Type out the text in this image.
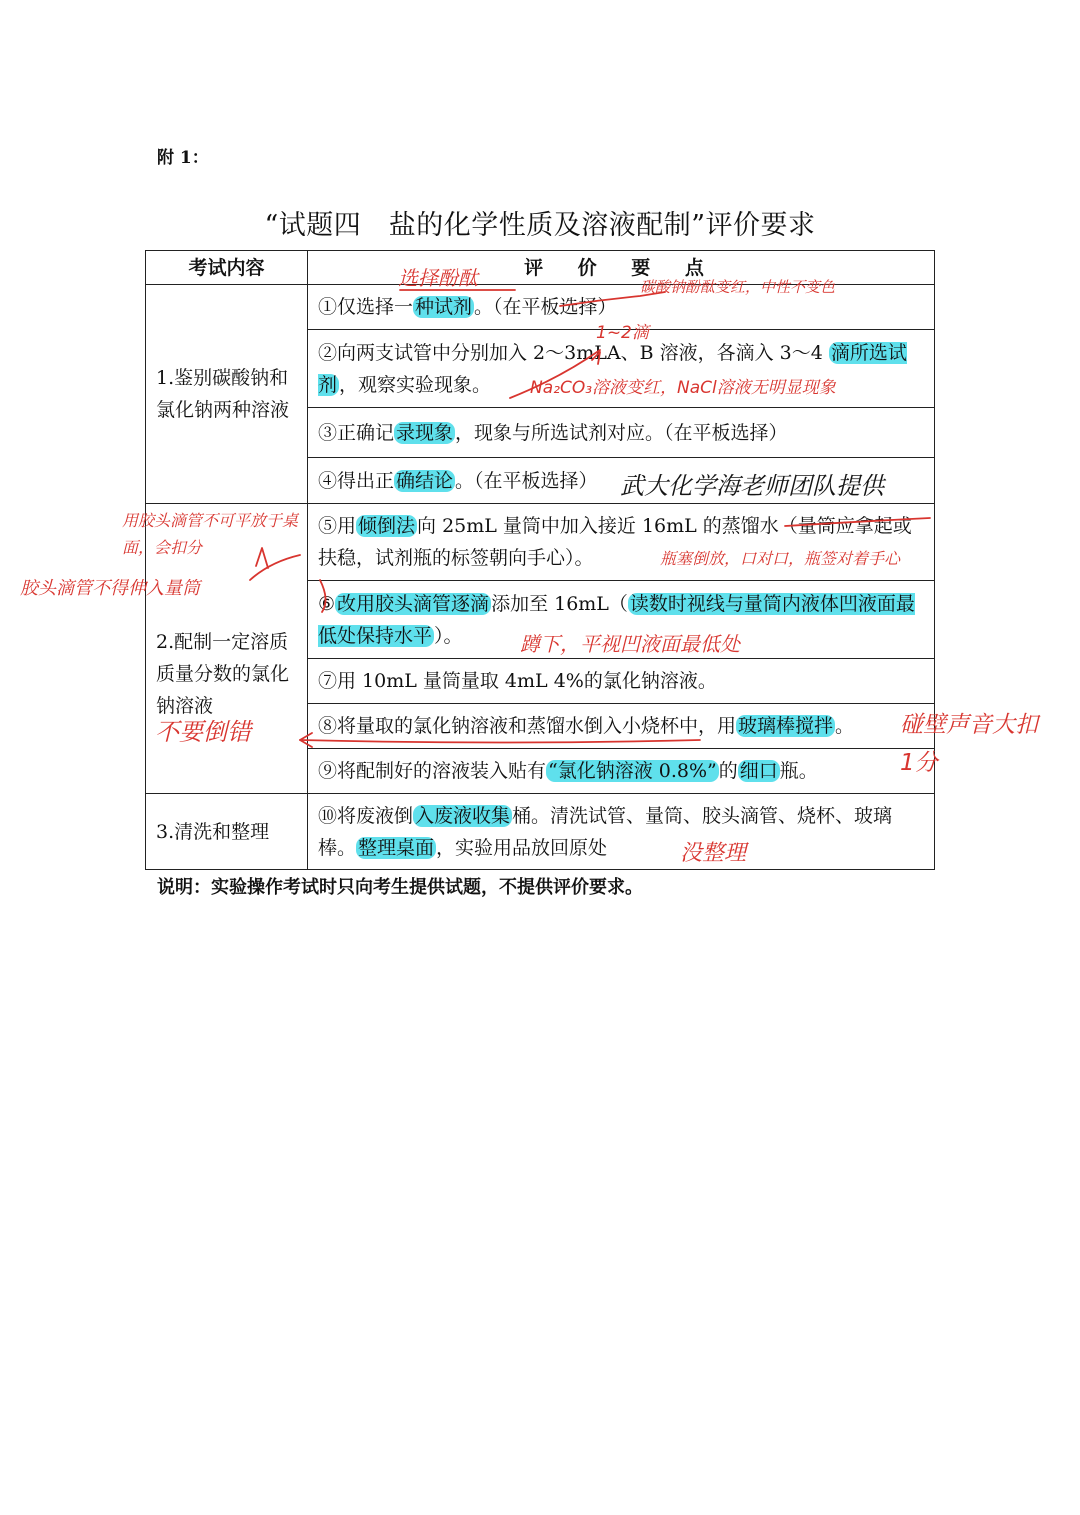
附 1：
“试题四　盐的化学性质及溶液配制”评价要求
考试内容	评 价 要 点
1.鉴别碳酸钠和氯化钠两种溶液	①仅选择一 种试剂 。（在平板选择）
	②向两支试管中分别加入 2～3mLA、B 溶液，各滴入 3～4 滴所选试剂 ，观察实验现象。
	③正确记 录现象 ，现象与所选试剂对应。（在平板选择）
	④得出正 确结论 。（在平板选择）

2.配制一定溶质质量分数的氯化钠溶液	⑤用 倾倒法 向 25mL 量筒中加入接近 16mL 的蒸馏水（量筒应拿起或扶稳，试剂瓶的标签朝向手心）。
	⑥ 改用胶头滴管逐滴 添加至 16mL（ 读数时视线与量筒内液体凹液面最低处保持水平 ）。
	⑦用 10mL 量筒量取 4mL 4%的氯化钠溶液。
	⑧将量取的氯化钠溶液和蒸馏水倒入小烧杯中，用 玻璃棒搅拌 。
	⑨将配制好的溶液装入贴有 “氯化钠溶液 0.8%” 的 细口 瓶。
3.清洗和整理	⑩将废液倒 入废液收集 桶。清洗试管、量筒、胶头滴管、烧杯、玻璃棒。 整理桌面 ，实验用品放回原处
说明：实验操作考试时只向考生提供试题，不提供评价要求。
选择酚酞	碳酸钠酚酞变红，中性不变色
1~2滴
Na₂CO₃溶液变红，NaCl溶液无明显现象
武大化学海老师团队提供
用胶头滴管不可平放于桌面，会扣分
胶头滴管不得伸入量筒
瓶塞倒放，口对口，瓶签对着手心
蹲下，平视凹液面最低处
不要倒错	碰壁声音大扣1分
没整理
